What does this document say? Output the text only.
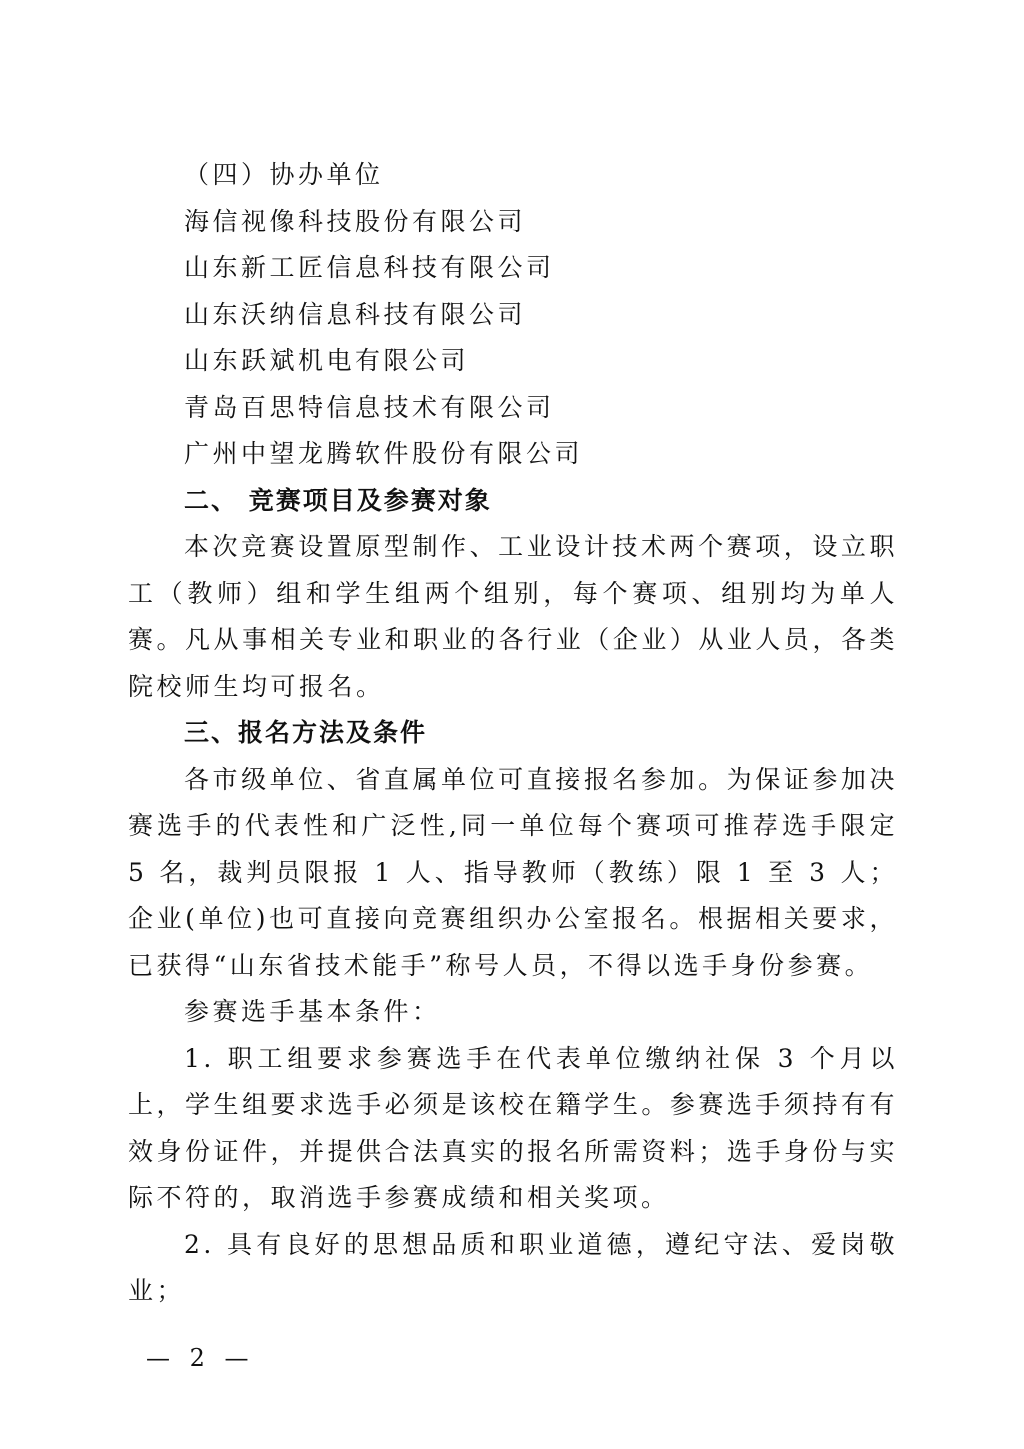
（四）协办单位

海信视像科技股份有限公司

山东新工匠信息科技有限公司

山东沃纳信息科技有限公司

山东跃斌机电有限公司

青岛百思特信息技术有限公司

广州中望龙腾软件股份有限公司

二、 竞赛项目及参赛对象

本次竞赛设置原型制作、工业设计技术两个赛项，设立职工（教师）组和学生组两个组别，每个赛项、组别均为单人赛。凡从事相关专业和职业的各行业（企业）从业人员，各类院校师生均可报名。

三、报名方法及条件

各市级单位、省直属单位可直接报名参加。为保证参加决赛选手的代表性和广泛性,同一单位每个赛项可推荐选手限定 5 名，裁判员限报 1 人、指导教师（教练）限 1 至 3 人；企业(单位)也可直接向竞赛组织办公室报名。根据相关要求，已获得“山东省技术能手”称号人员，不得以选手身份参赛。

参赛选手基本条件：

1. 职工组要求参赛选手在代表单位缴纳社保 3 个月以上，学生组要求选手必须是该校在籍学生。参赛选手须持有有效身份证件，并提供合法真实的报名所需资料；选手身份与实际不符的，取消选手参赛成绩和相关奖项。

2. 具有良好的思想品质和职业道德，遵纪守法、爱岗敬业；

— 2 —
